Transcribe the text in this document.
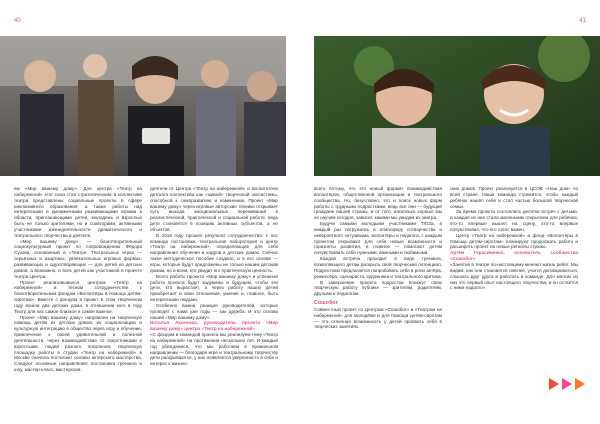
40

ем «Мир вашему дому». Для центра «Театр на набережной» этот союз стал стратегическим: в коллективе театра представлены социальные проекты в сфере инклюзивного образования, а также работы над интересными и динамичными развивающими играми в области, приглашающими детей, молодежь и взрослых быть не только зрителями, но и соавторами, активными участниками жизнедеятельности драматического и театрального творчества и деятеля.

«Мир вашему дому» — благотворительный социокультурный проект по сопровождению Фёдора Сухова, основанный в «Театре. Театральных играх — серьёзных и азартных, увлекательных игровых формах, развивающих и одухотворяющих — для детей из детских домов, а возможно, и всех детей как участников в проекте театра Центра.

Проект реализовывался центром «Театр на набережной» в тесном сотрудничестве с благотворительным фондом «Волонтёры в помощь детям-сиротам». Вместе с фондом в проект в этом творческом году вошли два детских дома, в отношении кого в году Театр для нас самое близкое и самое важное.

Проект «Мир вашему дому» направлен на творческую помощь детям из детских домов, их социализацию и культурную интеграцию в общество через игру и обучение, привлечение к своей удивительной и полезной деятельности, через взаимодействие со сверстниками и взрослыми, людей разного поколения; творческую площадку работы в студии «Театр на набережной» в Москве сначала постигают основы актёрского мастерства. Следуют основные направления: постановка тренинга и шоу, мастер-класс, мастерская.

деятели от Центра «Театр на набережной» и воспитатели детского коллектива как «живой» творческой экосистемы, способной к саморазвитию и изменению. Проект «Мир вашему дому» через игровые авторские техники открывает путь выхода эмоциональных переживаний в реалистической, практической и социальной работе, ведь дети становятся в позицию активных субъектов, а не объектов.

В 2018 году прошел результат сотрудничества: с нас команда постановки, театральная лаборатория и центр «Театр на набережной», определяющие для себя направления обучения и кадров в детских домах. Сейчас такое методическое пособие создано, и в его основе — игры, которые будут предложены не только нашим детским домам, но и всем, кто увидит его практическую ценность.

Всего работы проекта «Мир вашему дому» и успешная работа проекта будут задуманы в будущем, чтобы эти дети, кто вырастает, а через работу наших детей приобретает и свои отношения, умение и, главное, быть интересными людьми.

Особенно важна реакция руководителей, которые проводят с нами уже годы — как дружба. И это основа нашей «Мир вашему дому».

Наталья Аксенова, руководитель проекта «Мир вашему дому» центра «Театр на набережной»

«С фондом и командой проекта мы реализуем тему «Театр на набережной» на протяжении нескольких лет. И каждый год убеждаемся, что мы работаем в правильном направлении — благодаря игре и театральному творчеству дети раскрываются, у них появляется уверенность в себе и интерес к жизни».

41

всего потому, что это новый формат взаимодействия волонтёров, общественной организации и театрального сообщества. Но, безусловно, это и поиск новых форм работы с трудными подростками, ведь все они — будущие граждане нашей страны, и от того, насколько хорошо мы их научим сегодня, зависит, какими мы увидим их завтра.

Будучи самыми молодыми участниками ТЮЗа, в каждый раз погружаясь в атмосферу сотворчества и невероятного энтузиазма, волонтёры и педагоги, с каждым проектом открывают для себя новые возможности и горизонты развития, и главное — помогают детям почувствовать себя нужными, важными и любимыми.

Каждая встреча проходит в виде тренинга, позволяющего детям раскрыть свой творческий потенциал. Подросткам предлагается попробовать себя в роли актёра, режиссёра, сценариста, художника и театрального критика.

В завершение проекта подростки покажут свою творческую работу публике — зрителям, родителям, друзьям и педагогам.

Сошобог

Совместный проект со Центром «Сошобог» и «Театром на набережной» для молодёжи и для помощи детям-сиротам — это отличная возможность у детей проявить себя в творческих занятиях.

ских домов. Проект реализуется в ЦСОВ «Наш дом» по всей стране. Наша команда стремится, чтобы каждый ребёнок нашёл себя и стал частью большой творческой семьи.

За время проекта состоялись десятки встреч с детьми, и каждая из них стала маленьким открытием для ребёнка: кто-то впервые вышел на сцену, кто-то впервые почувствовал, что его голос важен.

Центр «Театр на набережной» и фонд «Волонтёры в помощь детям-сиротам» планируют продолжать работу и расширять проект на новые регионы страны.

Артём Герасименко, основатель сообщества «Сошобог»

«Занятия в театре по-настоящему меняют жизнь ребят. Мы видим, как они становятся смелее, учатся договариваться, слышать друг друга и работать в команде. Для многих из них это первый опыт настоящего творчества, и он остаётся с ними надолго».
